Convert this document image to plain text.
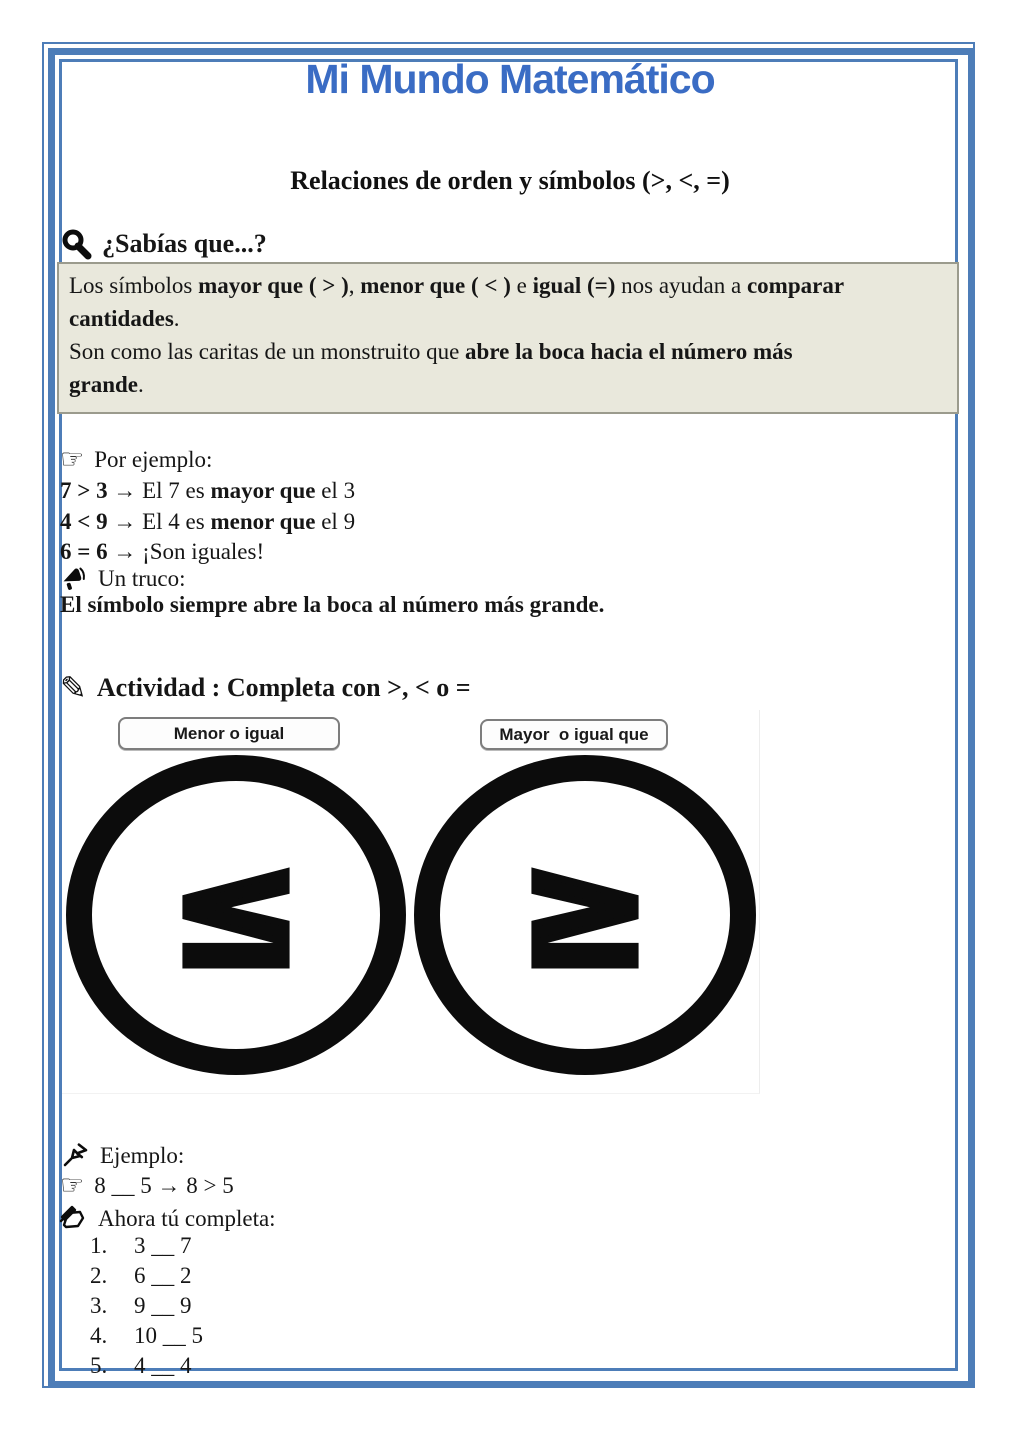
Mi Mundo Matemático
Relaciones de orden y símbolos (>, <, =)
¿Sabías que...?
Los símbolos mayor que ( > ), menor que ( < ) e igual (=) nos ayudan a comparar
cantidades.
Son como las caritas de un monstruito que abre la boca hacia el número más
grande.
☞ Por ejemplo:
7 > 3 → El 7 es mayor que el 3
4 < 9 → El 4 es menor que el 9
6 = 6 → ¡Son iguales!
Un truco:
El símbolo siempre abre la boca al número más grande.
✎ Actividad : Completa con >, < o =
Menor o igual	Mayor  o igual que
≤ ≥
Ejemplo:
☞ 8 __ 5 → 8 > 5
Ahora tú completa:
1.	3 __ 7
2.	6 __ 2
3.	9 __ 9
4.	10 __ 5
5.	4 __ 4
